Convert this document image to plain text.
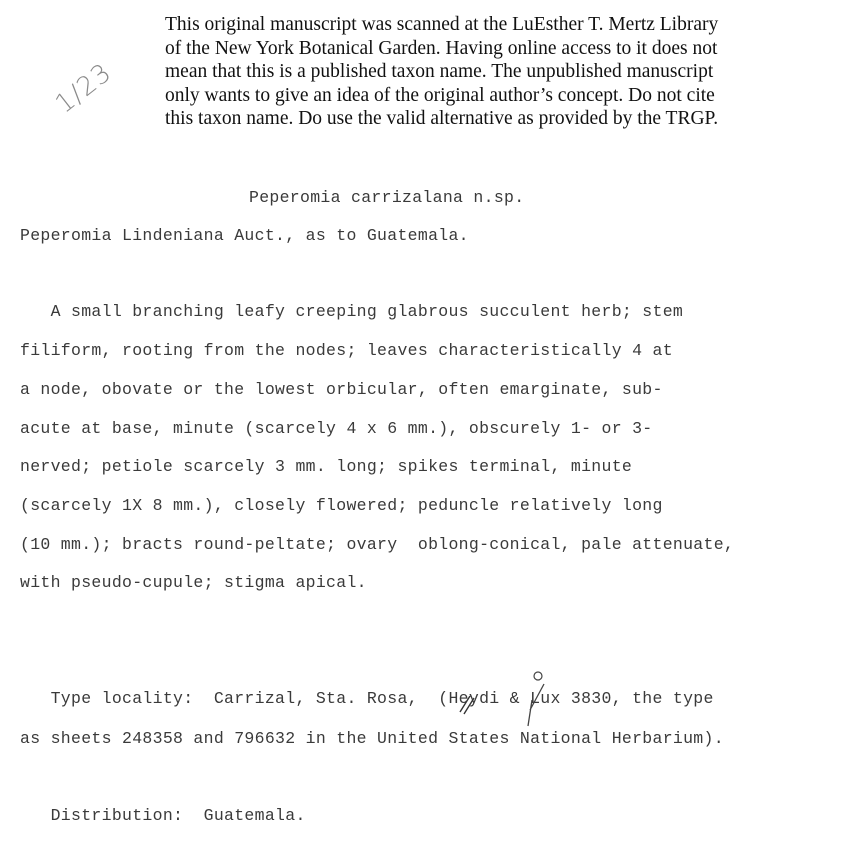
This original manuscript was scanned at the LuEsther T. Mertz Library
of the New York Botanical Garden. Having online access to it does not
mean that this is a published taxon name. The unpublished manuscript
only wants to give an idea of the original author’s concept. Do not cite
this taxon name. Do use the valid alternative as provided by the TRGP.
1/23
Peperomia carrizalana n.sp.
Peperomia Lindeniana Auct., as to Guatemala.
A small branching leafy creeping glabrous succulent herb; stem
filiform, rooting from the nodes; leaves characteristically 4 at
a node, obovate or the lowest orbicular, often emarginate, sub-
acute at base, minute (scarcely 4 x 6 mm.), obscurely 1- or 3-
nerved; petiole scarcely 3 mm. long; spikes terminal, minute
(scarcely 1X 8 mm.), closely flowered; peduncle relatively long
(10 mm.); bracts round-peltate; ovary  oblong-conical, pale attenuate,
with pseudo-cupule; stigma apical.
Type locality:  Carrizal, Sta. Rosa,  (Heydi & Lux 3830, the type
as sheets 248358 and 796632 in the United States National Herbarium).
Distribution:  Guatemala.
